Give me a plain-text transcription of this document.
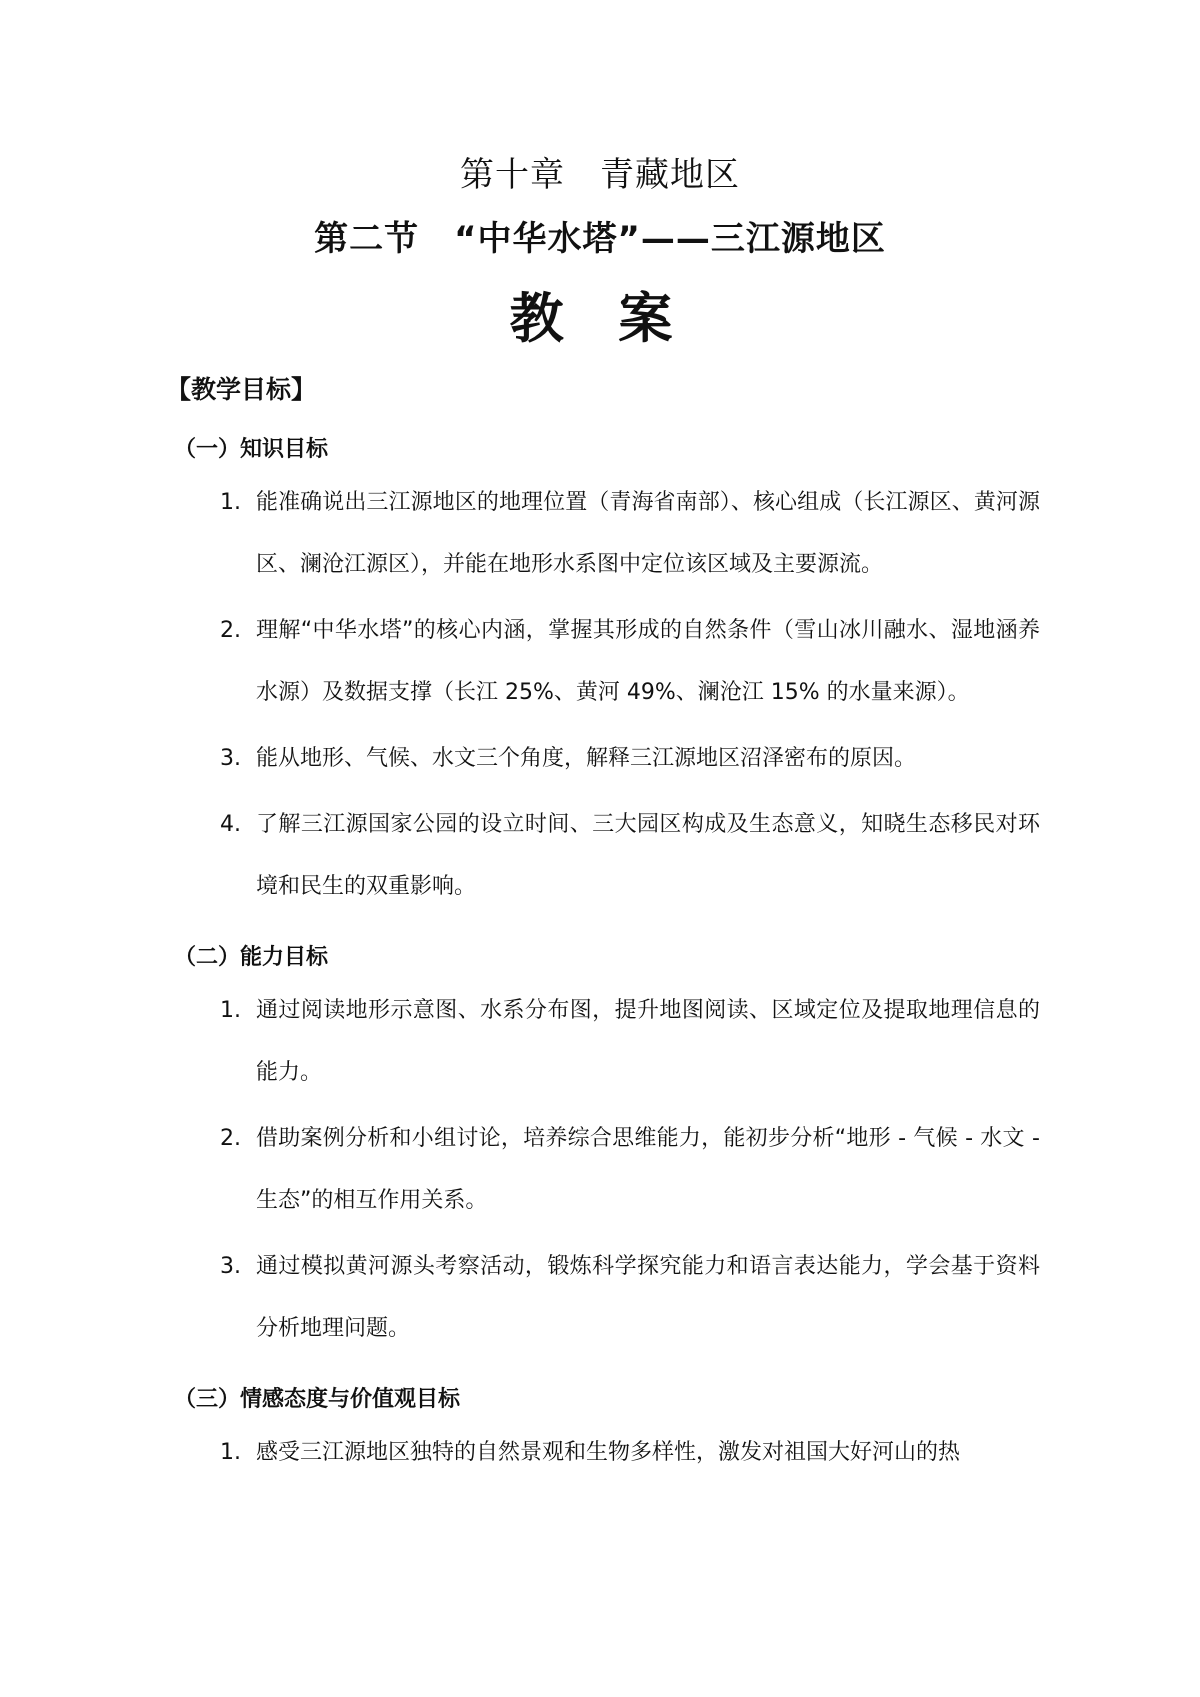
第十章　青藏地区
第二节　“中华水塔”——三江源地区
教 案
【教学目标】
（一）知识目标
1. 能准确说出三江源地区的地理位置（青海省南部）、核心组成（长江源区、黄河源区、澜沧江源区），并能在地形水系图中定位该区域及主要源流。
2. 理解“中华水塔”的核心内涵，掌握其形成的自然条件（雪山冰川融水、湿地涵养水源）及数据支撑（长江 25%、黄河 49%、澜沧江 15% 的水量来源）。
3. 能从地形、气候、水文三个角度，解释三江源地区沼泽密布的原因。
4. 了解三江源国家公园的设立时间、三大园区构成及生态意义，知晓生态移民对环境和民生的双重影响。
（二）能力目标
1. 通过阅读地形示意图、水系分布图，提升地图阅读、区域定位及提取地理信息的能力。
2. 借助案例分析和小组讨论，培养综合思维能力，能初步分析“地形 - 气候 - 水文 - 生态”的相互作用关系。
3. 通过模拟黄河源头考察活动，锻炼科学探究能力和语言表达能力，学会基于资料分析地理问题。
（三）情感态度与价值观目标
1. 感受三江源地区独特的自然景观和生物多样性，激发对祖国大好河山的热
